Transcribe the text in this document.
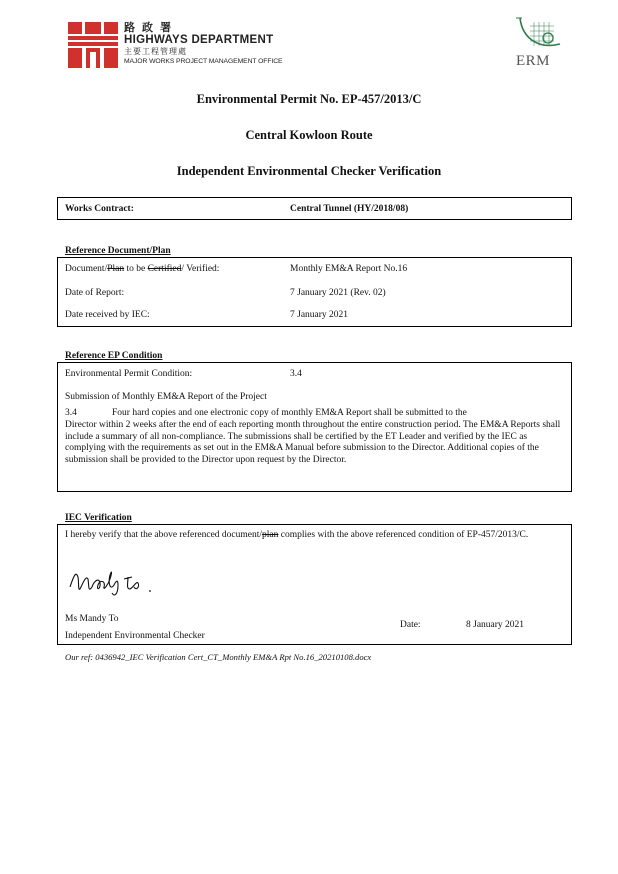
路 政 署
HIGHWAYS DEPARTMENT
主要工程管理處
MAJOR WORKS PROJECT MANAGEMENT OFFICE	ERM
Environmental Permit No. EP-457/2013/C
Central Kowloon Route
Independent Environmental Checker Verification
Works Contract:	Central Tunnel (HY/2018/08)
Reference Document/Plan
Document/Plan to be Certified/ Verified:	Monthly EM&A Report No.16
Date of Report:	7 January 2021 (Rev. 02)
Date received by IEC:	7 January 2021
Reference EP Condition
Environmental Permit Condition:	3.4
Submission of Monthly EM&A Report of the Project
3.4	Four hard copies and one electronic copy of monthly EM&A Report shall be submitted to the
Director within 2 weeks after the end of each reporting month throughout the entire construction period. The EM&A Reports shall include a summary of all non-compliance. The submissions shall be certified by the ET Leader and verified by the IEC as complying with the requirements as set out in the EM&A Manual before submission to the Director. Additional copies of the submission shall be provided to the Director upon request by the Director.
IEC Verification
I hereby verify that the above referenced document/plan complies with the above referenced condition of EP-457/2013/C.
Ms Mandy To
Date:	8 January 2021
Independent Environmental Checker
Our ref: 0436942_IEC Verification Cert_CT_Monthly EM&A Rpt No.16_20210108.docx
